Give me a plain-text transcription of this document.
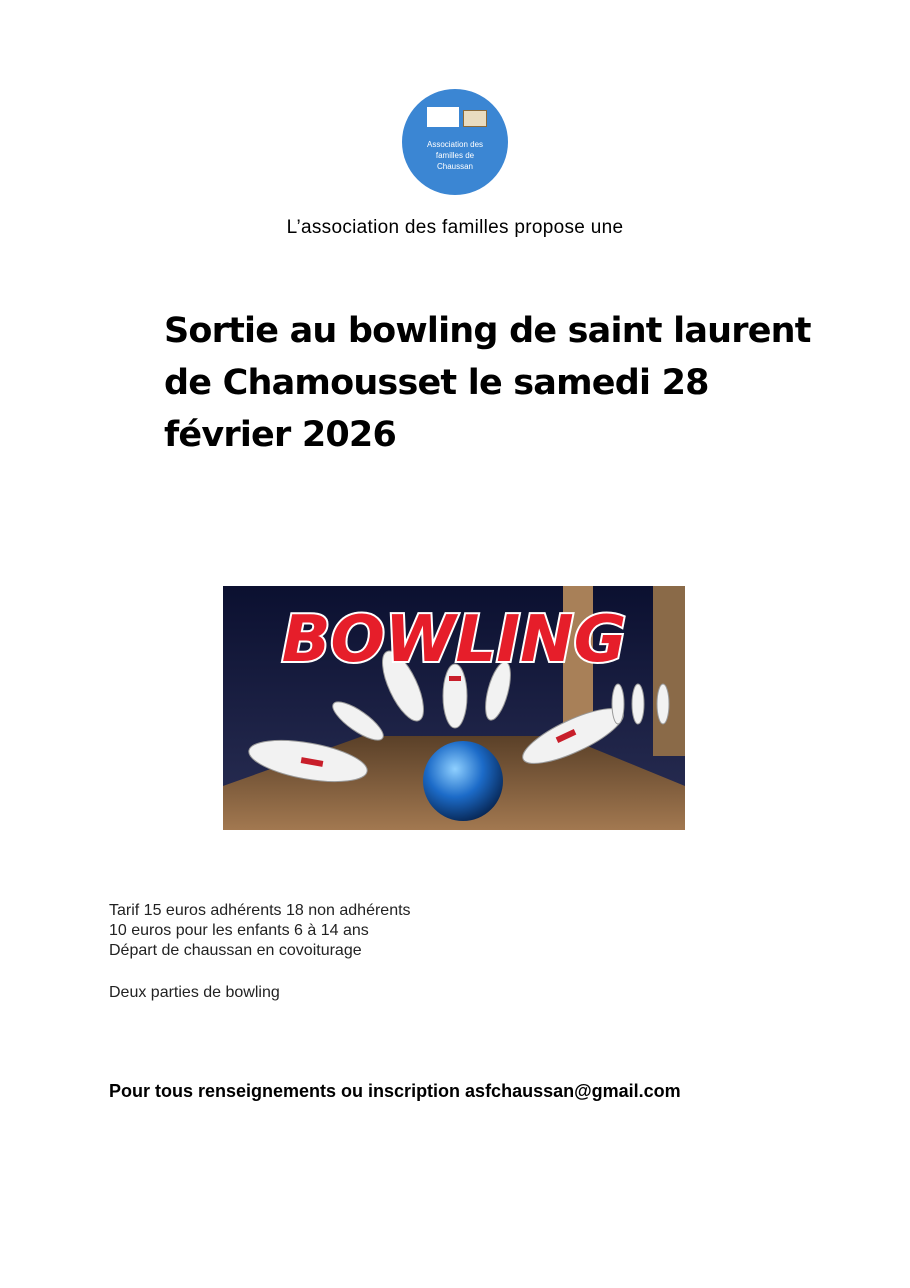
Association des familles de Chaussan
L’association des familles propose une
Sortie au bowling de saint laurent de Chamousset le samedi 28 février 2026
BOWLING

Tarif 15 euros adhérents 18 non adhérents

10 euros pour les enfants 6 à 14 ans

Départ de chaussan en covoiturage

Deux parties de bowling

Pour tous renseignements ou inscription asfchaussan@gmail.com
